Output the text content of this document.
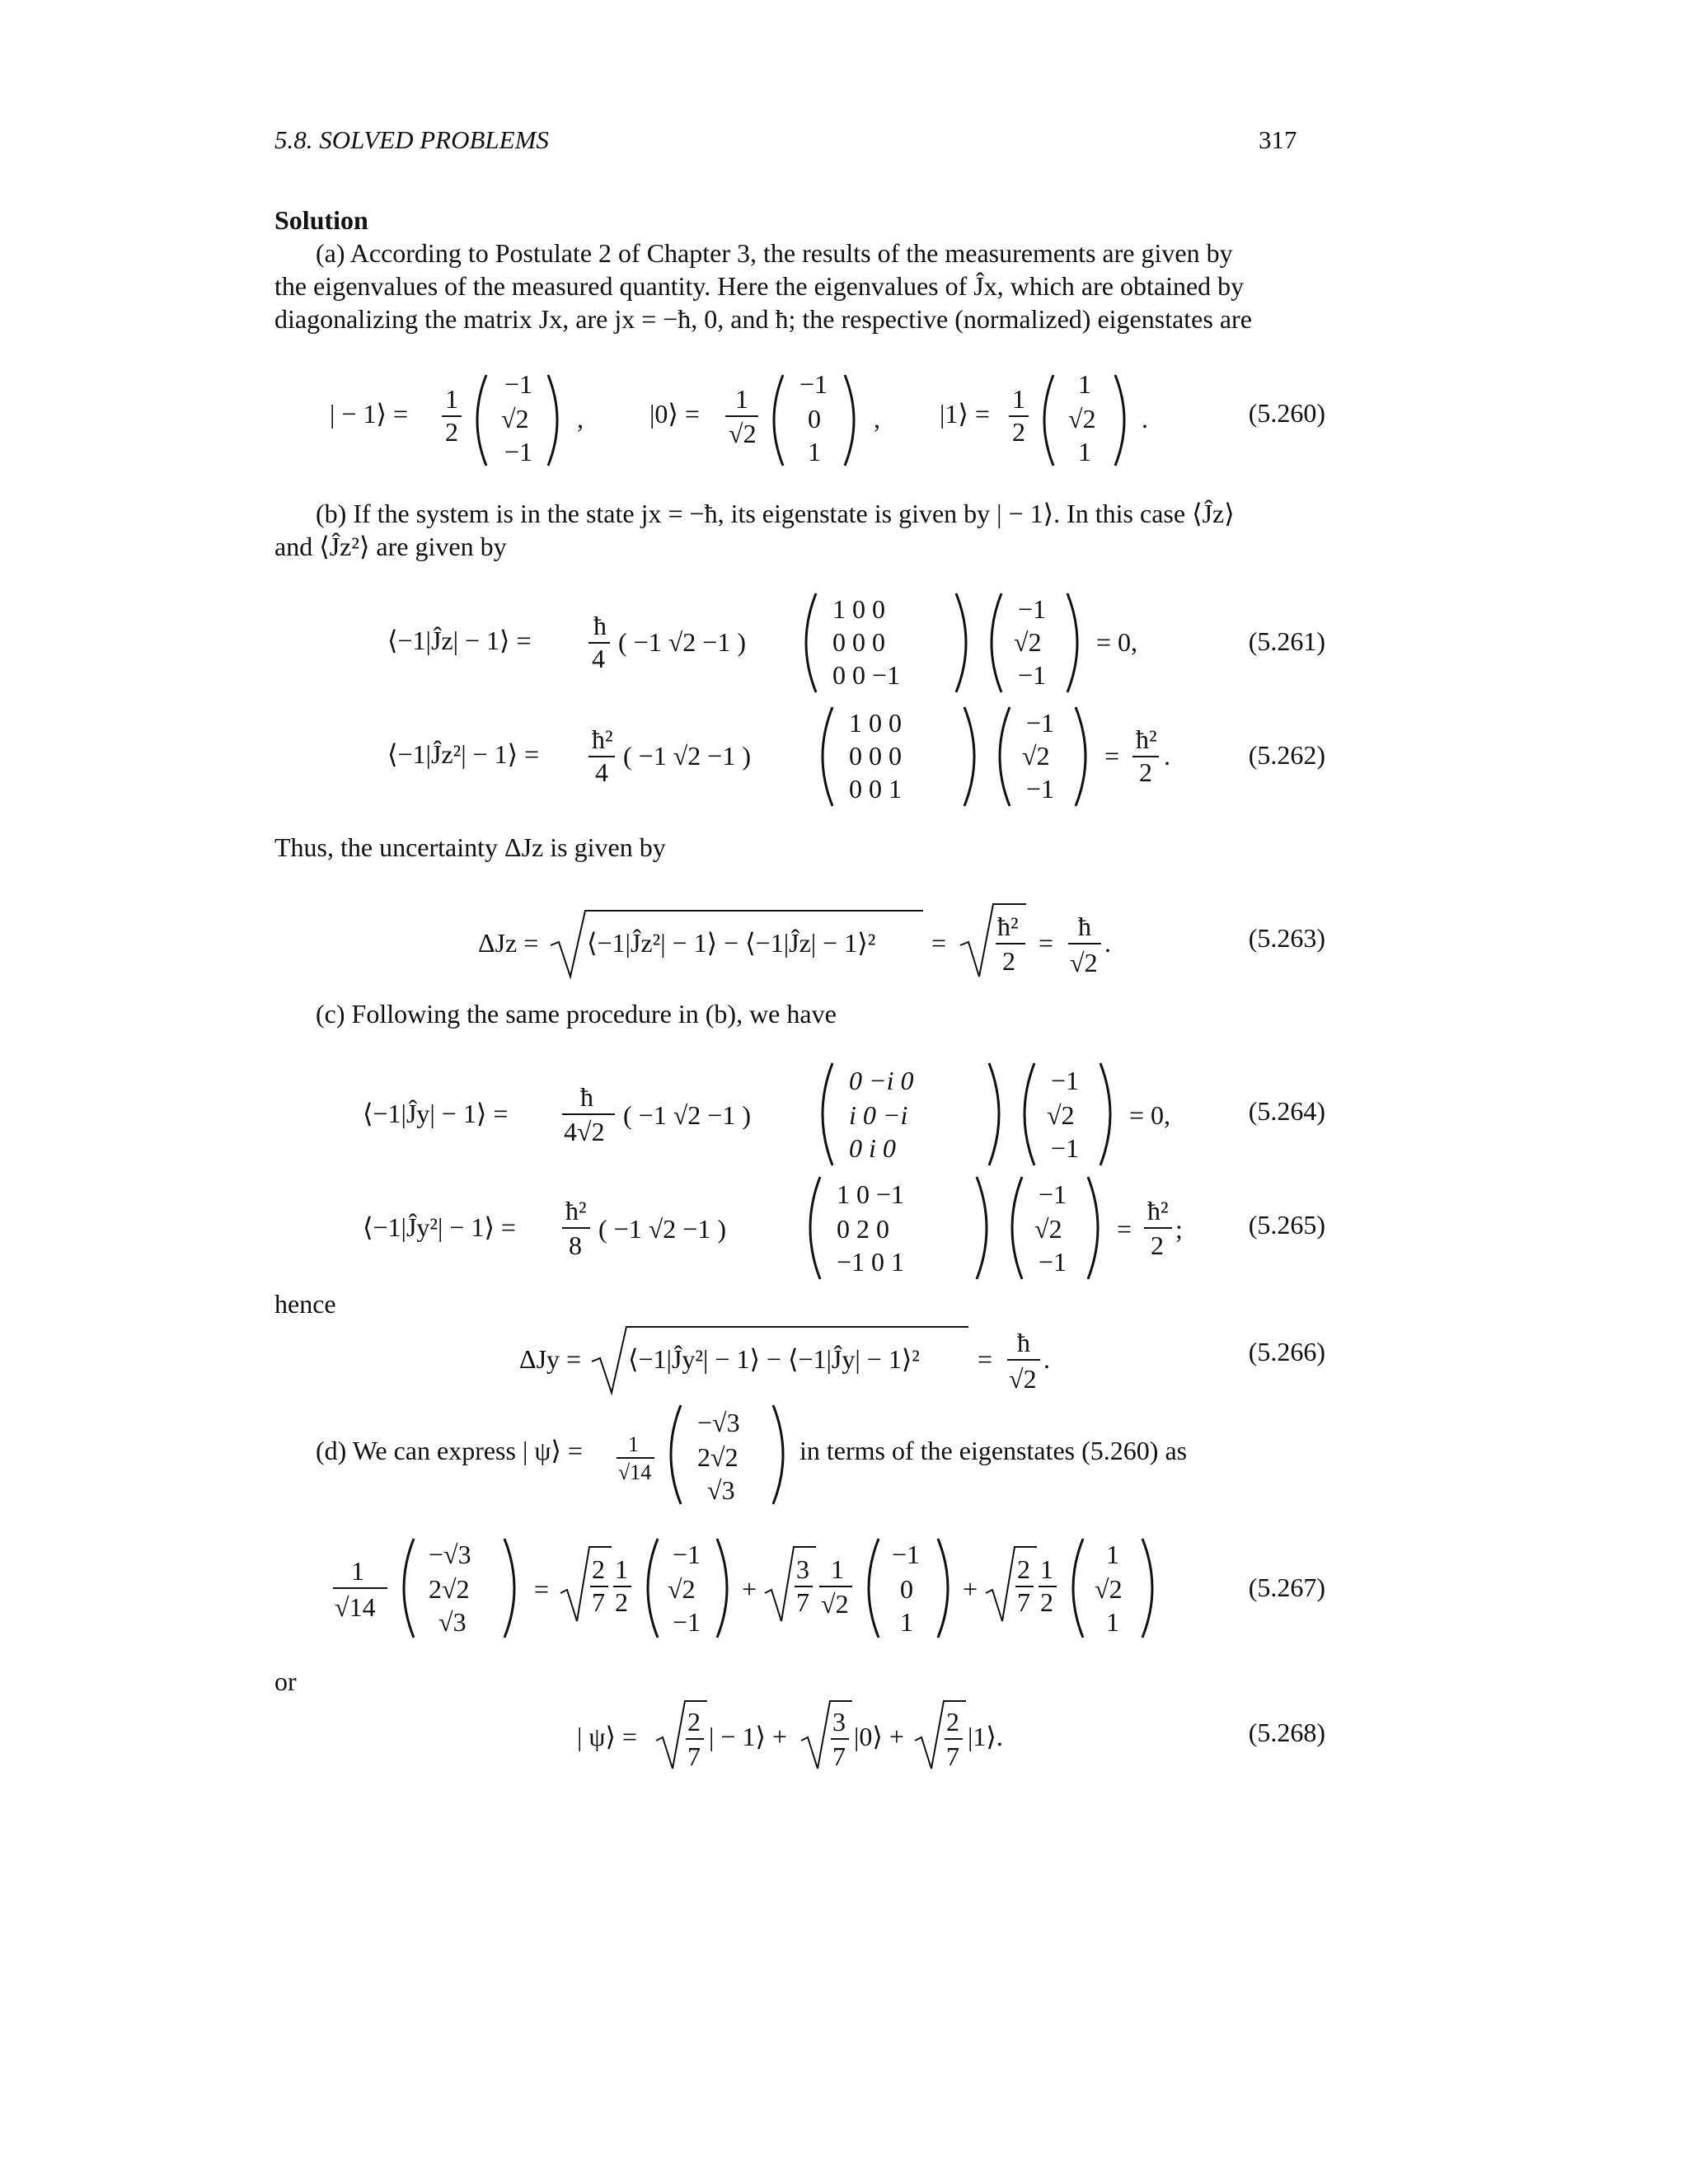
5.8. SOLVED PROBLEMS	317
Solution
(a) According to Postulate 2 of Chapter 3, the results of the measurements are given by
the eigenvalues of the measured quantity. Here the eigenvalues of Ĵx, which are obtained by
diagonalizing the matrix Jx, are jx = −ħ, 0, and ħ; the respective (normalized) eigenstates are
| − 1⟩ = 1
2
−1
√2
−1
,	|0⟩ = 1
√2
−1
0
1
, |1⟩ = 1
2
1
√2
1
.	(5.260)
(b) If the system is in the state jx = −ħ, its eigenstate is given by | − 1⟩. In this case ⟨Ĵz⟩
and ⟨Ĵz²⟩ are given by
⟨−1|Ĵz| − 1⟩ = ħ
4
( −1 √2 −1 )
1 0 0
0 0 0
0 0 −1
−1
√2
−1
= 0,	(5.261)
⟨−1|Ĵz²| − 1⟩ = ħ²
4
( −1 √2 −1 )
1 0 0
0 0 0
0 0 1
−1
√2
−1
=
ħ²
2
.	(5.262)
Thus, the uncertainty ΔJz is given by
ΔJz = ⟨−1|Ĵz²| − 1⟩ − ⟨−1|Ĵz| − 1⟩² =
ħ²
2
=
ħ
√2
.	(5.263)
(c) Following the same procedure in (b), we have
⟨−1|Ĵy| − 1⟩ =
ħ
4√2
( −1 √2 −1 )
0 −i 0
i 0 −i
0 i 0
−1
√2
−1
= 0,	(5.264)
⟨−1|Ĵy²| − 1⟩ =
ħ²
8
( −1 √2 −1 )
1 0 −1
0 2 0
−1 0 1
−1
√2
−1
=
ħ²
2
; (5.265)
hence
ΔJy = ⟨−1|Ĵy²| − 1⟩ − ⟨−1|Ĵy| − 1⟩² =
ħ
√2
.	(5.266)
(d) We can express | ψ⟩ = 1
√14
−√3
2√2
√3
in terms of the eigenstates (5.260) as
1
√14
−√3
2√2
√3
=
2
7
1
2
−1
√2
−1
+
3
7
1
√2
−1
0
1
+
2
7
1
2
1
√2
1
(5.267)
or
| ψ⟩ = 2
7
| − 1⟩ + 3
7
|0⟩ + 2
7
|1⟩.	(5.268)
